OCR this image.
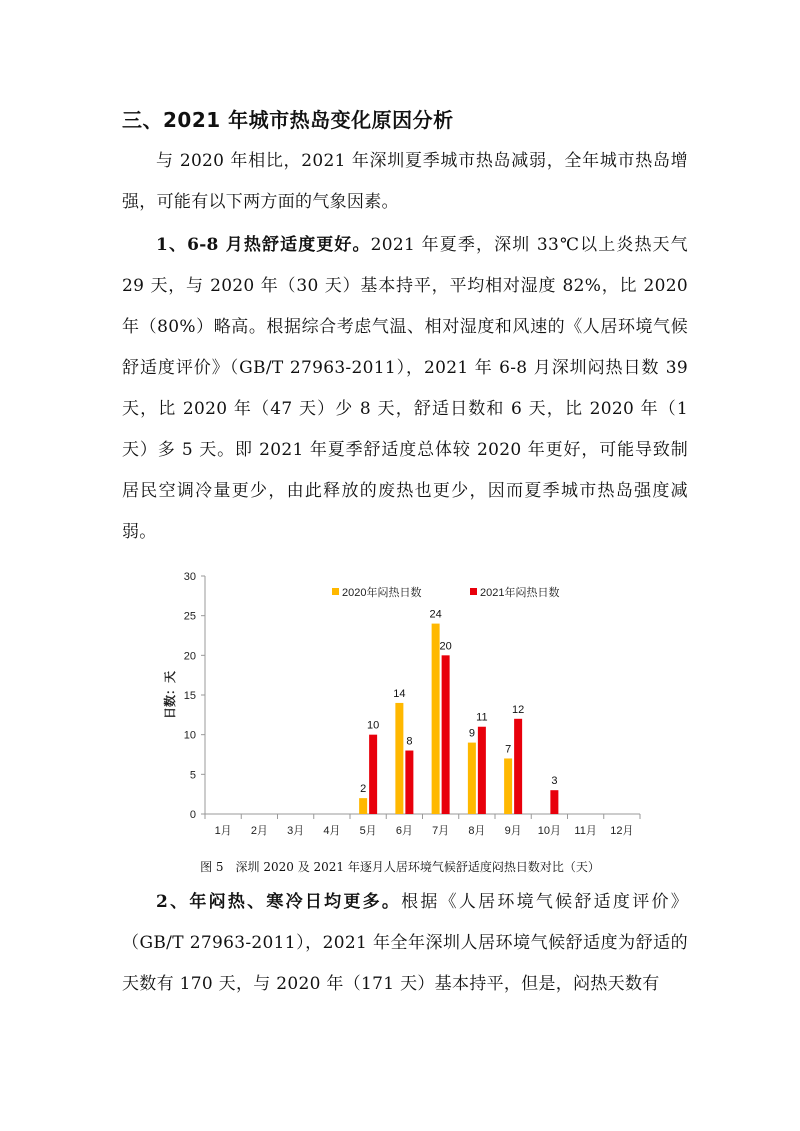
三、2021 年城市热岛变化原因分析
与 2020 年相比，2021 年深圳夏季城市热岛减弱，全年城市热岛增强，可能有以下两方面的气象因素。
1、6-8 月热舒适度更好。2021 年夏季，深圳 33℃以上炎热天气 29 天，与 2020 年（30 天）基本持平，平均相对湿度 82%，比 2020 年（80%）略高。根据综合考虑气温、相对湿度和风速的《人居环境气候舒适度评价》（GB/T 27963-2011），2021 年 6-8 月深圳闷热日数 39 天，比 2020 年（47 天）少 8 天，舒适日数和 6 天，比 2020 年（1 天）多 5 天。即 2021 年夏季舒适度总体较 2020 年更好，可能导致制居民空调冷量更少，由此释放的废热也更少，因而夏季城市热岛强度减弱。
0
5
10
15
20
25
30
日数：天
1月 2月 3月 4月 5月 6月 7月 8月 9月 10月 11月 12月
2
14
24
9
7
10
8
20
11
12
3
2020年闷热日数	2021年闷热日数
图 5　深圳 2020 及 2021 年逐月人居环境气候舒适度闷热日数对比（天）
2、年闷热、寒冷日均更多。根据《人居环境气候舒适度评价》（GB/T 27963-2011），2021 年全年深圳人居环境气候舒适度为舒适的天数有 170 天，与 2020 年（171 天）基本持平，但是，闷热天数有
